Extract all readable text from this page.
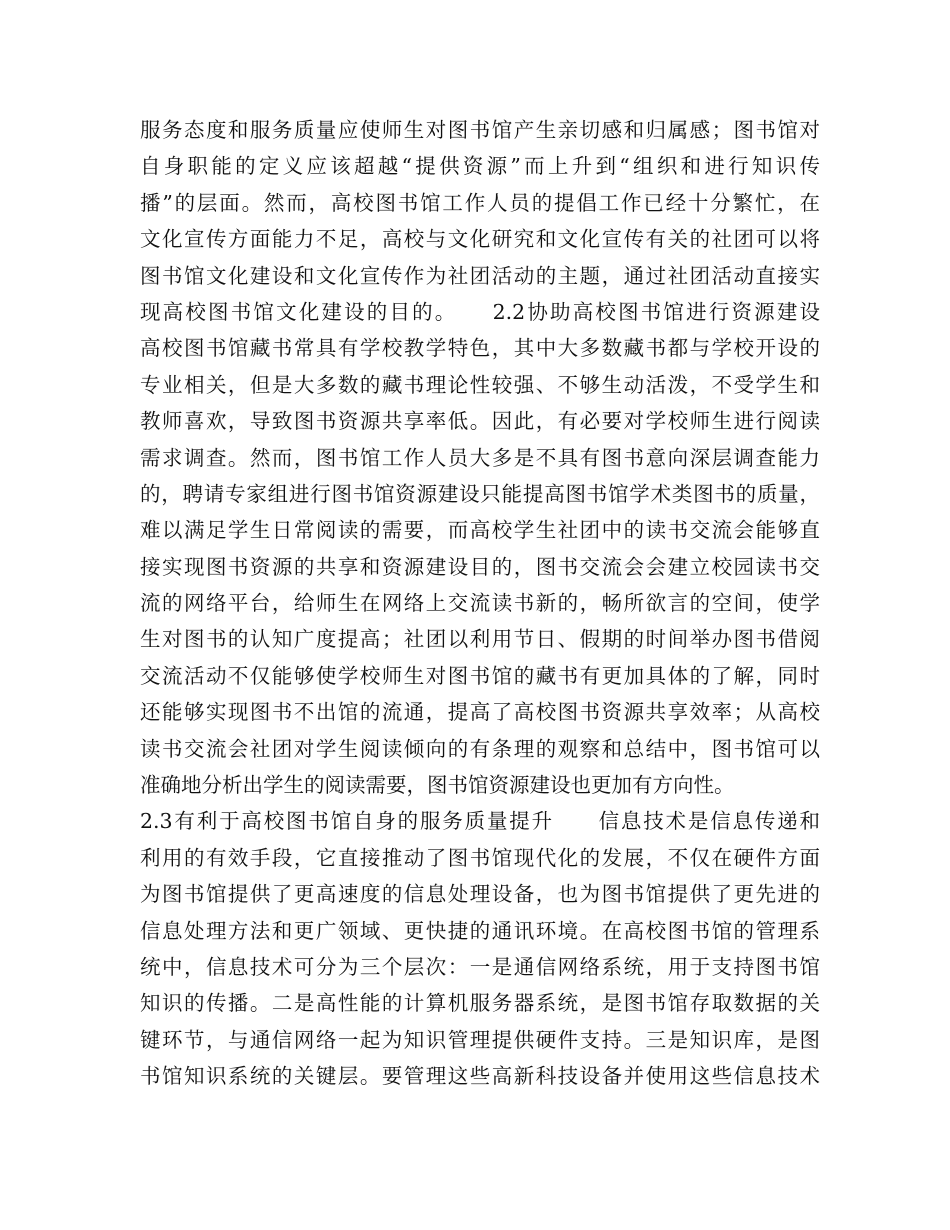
服务态度和服务质量应使师生对图书馆产生亲切感和归属感；图书馆对
自身职能的定义应该超越“提供资源”而上升到“组织和进行知识传
播”的层面。然而，高校图书馆工作人员的提倡工作已经十分繁忙，在
文化宣传方面能力不足，高校与文化研究和文化宣传有关的社团可以将
图书馆文化建设和文化宣传作为社团活动的主题，通过社团活动直接实
现高校图书馆文化建设的目的。　　2.2协助高校图书馆进行资源建设
高校图书馆藏书常具有学校教学特色，其中大多数藏书都与学校开设的
专业相关，但是大多数的藏书理论性较强、不够生动活泼，不受学生和
教师喜欢，导致图书资源共享率低。因此，有必要对学校师生进行阅读
需求调查。然而，图书馆工作人员大多是不具有图书意向深层调查能力
的，聘请专家组进行图书馆资源建设只能提高图书馆学术类图书的质量，
难以满足学生日常阅读的需要，而高校学生社团中的读书交流会能够直
接实现图书资源的共享和资源建设目的，图书交流会会建立校园读书交
流的网络平台，给师生在网络上交流读书新的，畅所欲言的空间，使学
生对图书的认知广度提高；社团以利用节日、假期的时间举办图书借阅
交流活动不仅能够使学校师生对图书馆的藏书有更加具体的了解，同时
还能够实现图书不出馆的流通，提高了高校图书资源共享效率；从高校
读书交流会社团对学生阅读倾向的有条理的观察和总结中，图书馆可以
准确地分析出学生的阅读需要，图书馆资源建设也更加有方向性。
2.3有利于高校图书馆自身的服务质量提升　　信息技术是信息传递和
利用的有效手段，它直接推动了图书馆现代化的发展，不仅在硬件方面
为图书馆提供了更高速度的信息处理设备，也为图书馆提供了更先进的
信息处理方法和更广领域、更快捷的通讯环境。在高校图书馆的管理系
统中，信息技术可分为三个层次：一是通信网络系统，用于支持图书馆
知识的传播。二是高性能的计算机服务器系统，是图书馆存取数据的关
键环节，与通信网络一起为知识管理提供硬件支持。三是知识库，是图
书馆知识系统的关键层。要管理这些高新科技设备并使用这些信息技术
